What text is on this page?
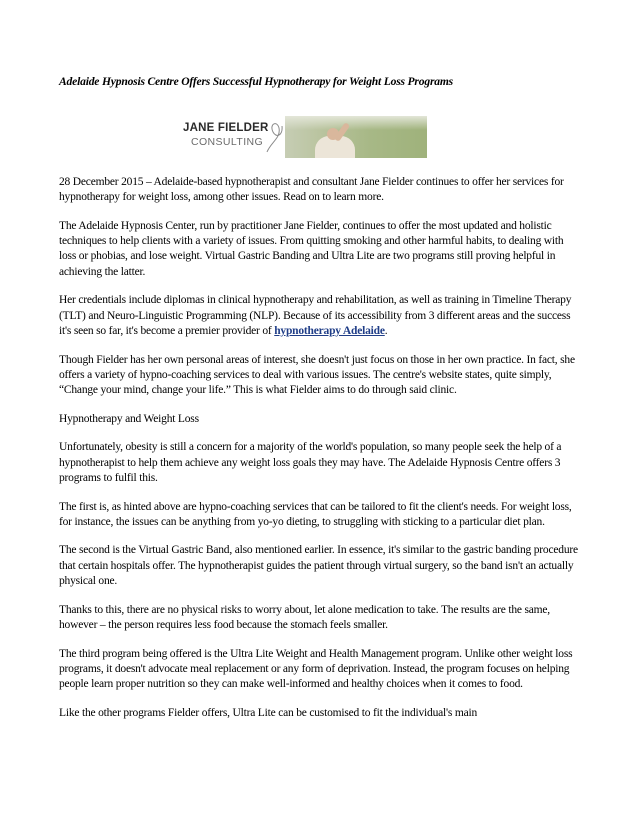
Adelaide Hypnosis Centre Offers Successful Hypnotherapy for Weight Loss Programs
JANE FIELDER
CONSULTING

28 December 2015 – Adelaide-based hypnotherapist and consultant Jane Fielder continues to offer her services for hypnotherapy for weight loss, among other issues. Read on to learn more.

The Adelaide Hypnosis Center, run by practitioner Jane Fielder, continues to offer the most updated and holistic techniques to help clients with a variety of issues. From quitting smoking and other harmful habits, to dealing with loss or phobias, and lose weight. Virtual Gastric Banding and Ultra Lite are two programs still proving helpful in achieving the latter.

Her credentials include diplomas in clinical hypnotherapy and rehabilitation, as well as training in Timeline Therapy (TLT) and Neuro-Linguistic Programming (NLP). Because of its accessibility from 3 different areas and the success it's seen so far, it's become a premier provider of hypnotherapy Adelaide.

Though Fielder has her own personal areas of interest, she doesn't just focus on those in her own practice. In fact, she offers a variety of hypno-coaching services to deal with various issues. The centre's website states, quite simply, “Change your mind, change your life.” This is what Fielder aims to do through said clinic.

Hypnotherapy and Weight Loss

Unfortunately, obesity is still a concern for a majority of the world's population, so many people seek the help of a hypnotherapist to help them achieve any weight loss goals they may have. The Adelaide Hypnosis Centre offers 3 programs to fulfil this.

The first is, as hinted above are hypno-coaching services that can be tailored to fit the client's needs. For weight loss, for instance, the issues can be anything from yo-yo dieting, to struggling with sticking to a particular diet plan.

The second is the Virtual Gastric Band, also mentioned earlier. In essence, it's similar to the gastric banding procedure that certain hospitals offer. The hypnotherapist guides the patient through virtual surgery, so the band isn't an actually physical one.

Thanks to this, there are no physical risks to worry about, let alone medication to take. The results are the same, however – the person requires less food because the stomach feels smaller.

The third program being offered is the Ultra Lite Weight and Health Management program. Unlike other weight loss programs, it doesn't advocate meal replacement or any form of deprivation. Instead, the program focuses on helping people learn proper nutrition so they can make well-informed and healthy choices when it comes to food.

Like the other programs Fielder offers, Ultra Lite can be customised to fit the individual's main
